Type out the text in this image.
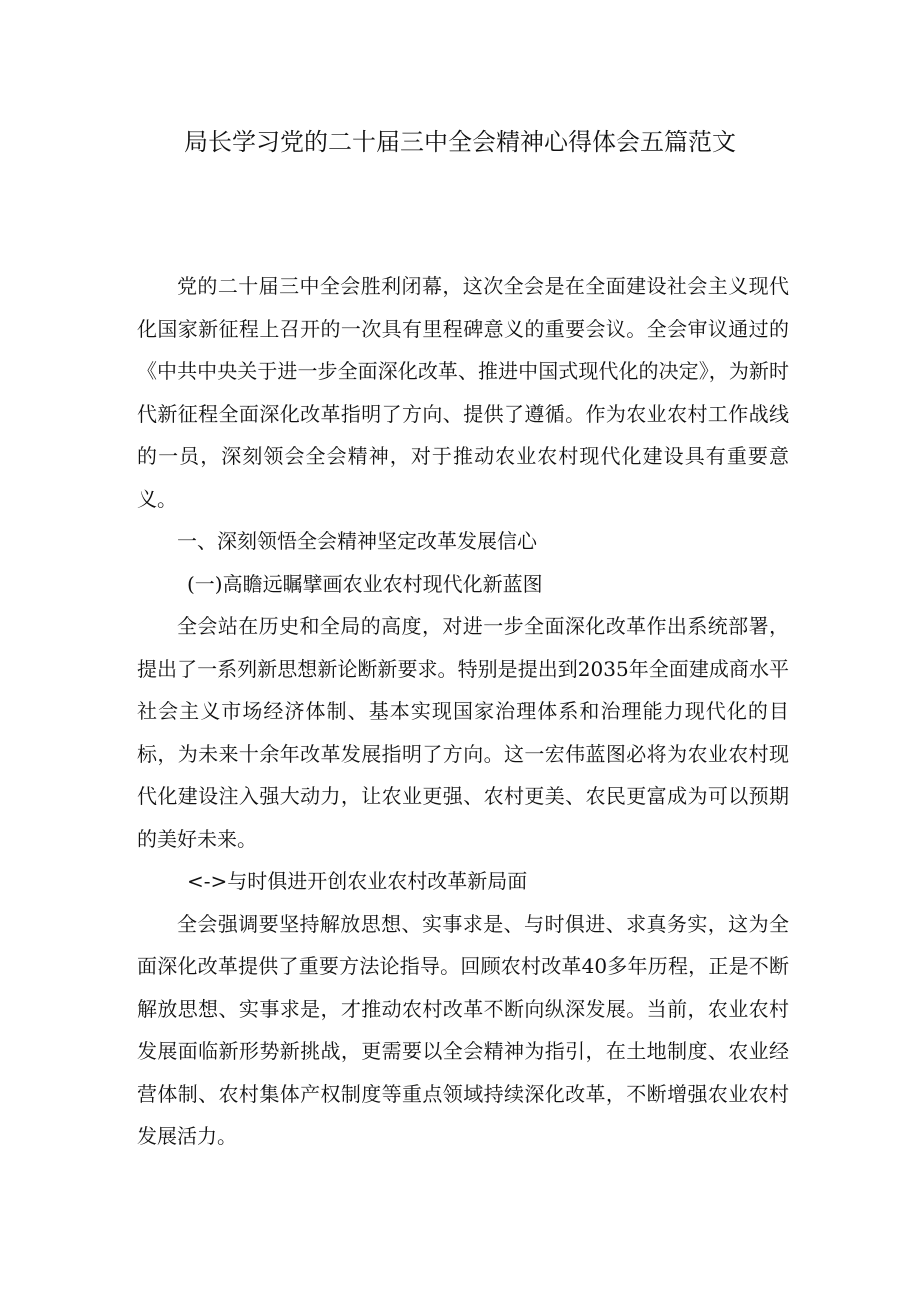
局长学习党的二十届三中全会精神心得体会五篇范文

党的二十届三中全会胜利闭幕，这次全会是在全面建设社会主义现代化国家新征程上召开的一次具有里程碑意义的重要会议。全会审议通过的《中共中央关于进一步全面深化改革、推进中国式现代化的决定》，为新时代新征程全面深化改革指明了方向、提供了遵循。作为农业农村工作战线的一员，深刻领会全会精神，对于推动农业农村现代化建设具有重要意义。

一、深刻领悟全会精神坚定改革发展信心

(一)高瞻远瞩擘画农业农村现代化新蓝图

全会站在历史和全局的高度，对进一步全面深化改革作出系统部署，提出了一系列新思想新论断新要求。特别是提出到2035年全面建成商水平社会主义市场经济体制、基本实现国家治理体系和治理能力现代化的目标，为未来十余年改革发展指明了方向。这一宏伟蓝图必将为农业农村现代化建设注入强大动力，让农业更强、农村更美、农民更富成为可以预期的美好未来。

<->与时俱进开创农业农村改革新局面

全会强调要坚持解放思想、实事求是、与时俱进、求真务实，这为全面深化改革提供了重要方法论指导。回顾农村改革40多年历程，正是不断解放思想、实事求是，才推动农村改革不断向纵深发展。当前，农业农村发展面临新形势新挑战，更需要以全会精神为指引，在土地制度、农业经营体制、农村集体产权制度等重点领域持续深化改革，不断增强农业农村发展活力。
